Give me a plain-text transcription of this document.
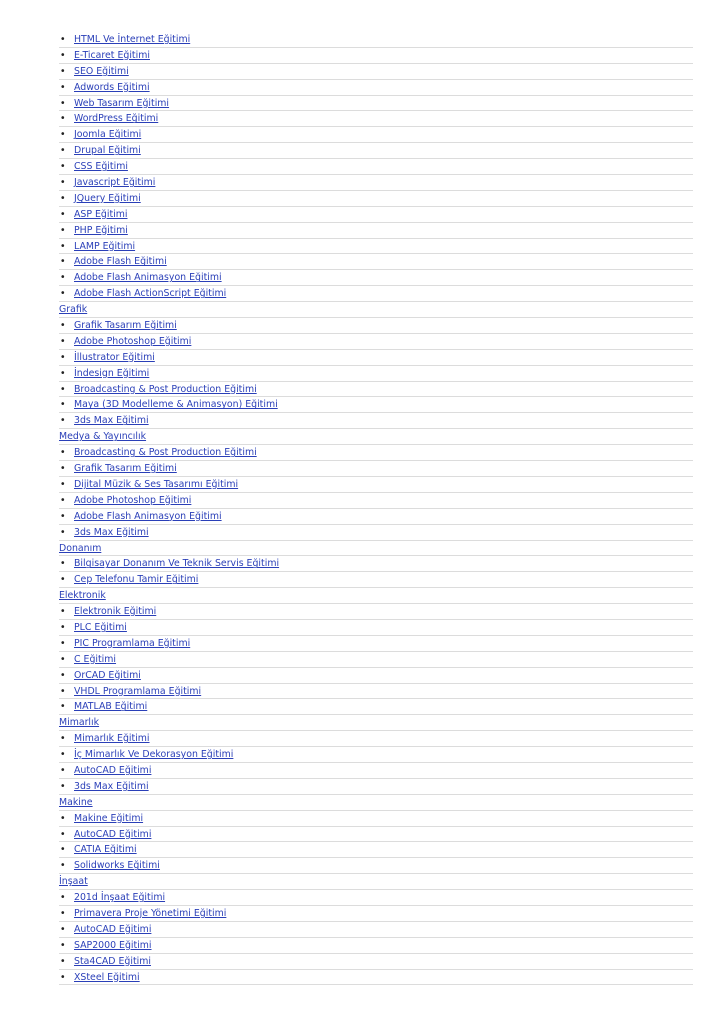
• HTML Ve İnternet Eğitimi
• E-Ticaret Eğitimi
• SEO Eğitimi
• Adwords Eğitimi
• Web Tasarım Eğitimi
• WordPress Eğitimi
• Joomla Eğitimi
• Drupal Eğitimi
• CSS Eğitimi
• Javascript Eğitimi
• JQuery Eğitimi
• ASP Eğitimi
• PHP Eğitimi
• LAMP Eğitimi
• Adobe Flash Eğitimi
• Adobe Flash Animasyon Eğitimi
• Adobe Flash ActionScript Eğitimi
Grafik
• Grafik Tasarım Eğitimi
• Adobe Photoshop Eğitimi
• İllustrator Eğitimi
• İndesign Eğitimi
• Broadcasting & Post Production Eğitimi
• Maya (3D Modelleme & Animasyon) Eğitimi
• 3ds Max Eğitimi
Medya & Yayıncılık
• Broadcasting & Post Production Eğitimi
• Grafik Tasarım Eğitimi
• Dijital Müzik & Ses Tasarımı Eğitimi
• Adobe Photoshop Eğitimi
• Adobe Flash Animasyon Eğitimi
• 3ds Max Eğitimi
Donanım
• Bilgisayar Donanım Ve Teknik Servis Eğitimi
• Cep Telefonu Tamir Eğitimi
Elektronik
• Elektronik Eğitimi
• PLC Eğitimi
• PIC Programlama Eğitimi
• C Eğitimi
• OrCAD Eğitimi
• VHDL Programlama Eğitimi
• MATLAB Eğitimi
Mimarlık
• Mimarlık Eğitimi
• İç Mimarlık Ve Dekorasyon Eğitimi
• AutoCAD Eğitimi
• 3ds Max Eğitimi
Makine
• Makine Eğitimi
• AutoCAD Eğitimi
• CATIA Eğitimi
• Solidworks Eğitimi
İnşaat
• 201d İnşaat Eğitimi
• Primavera Proje Yönetimi Eğitimi
• AutoCAD Eğitimi
• SAP2000 Eğitimi
• Sta4CAD Eğitimi
• XSteel Eğitimi
